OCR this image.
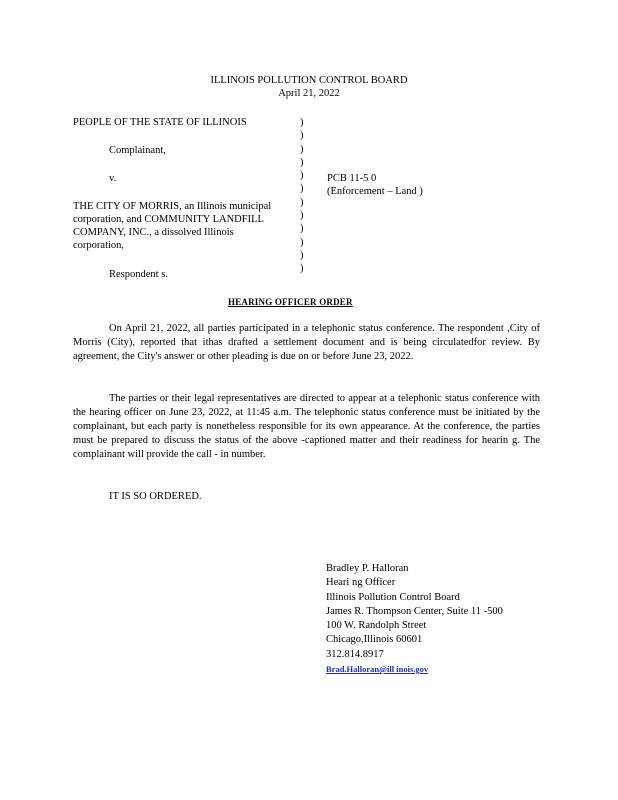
ILLINOIS POLLUTION CONTROL BOARD
April 21, 2022
PEOPLE OF THE STATE OF ILLINOIS
Complainant,
v.
THE CITY OF MORRIS, an Illinois municipal
corporation, and COMMUNITY LANDFILL
COMPANY, INC., a dissolved Illinois
corporation,
Respondent s.
PCB 11-5 0
(Enforcement – Land )
)
)
)
)
)
)
)
)
)
)
)
)
HEARING OFFICER ORDER
On April 21, 2022, all parties participated in a telephonic status conference. The respondent ,City of Morris (City), reported that ithas drafted a settlement document and is being circulatedfor review. By agreement, the City's answer or other pleading is due on or before June 23, 2022.
The parties or their legal representatives are directed to appear at a telephonic status conference with the hearing officer on June 23, 2022, at 11:45 a.m. The telephonic status conference must be initiated by the complainant, but each party is nonetheless responsible for its own appearance. At the conference, the parties must be prepared to discuss the status of the above -captioned matter and their readiness for hearin g. The complainant will provide the call - in number.
IT IS SO ORDERED.
Bradley P. Halloran
Heari ng Officer
Illinois Pollution Control Board
James R. Thompson Center, Suite 11 -500
100 W. Randolph Street
Chicago,Illinois 60601
312.814.8917
Brad.Halloran@ill inois.gov
